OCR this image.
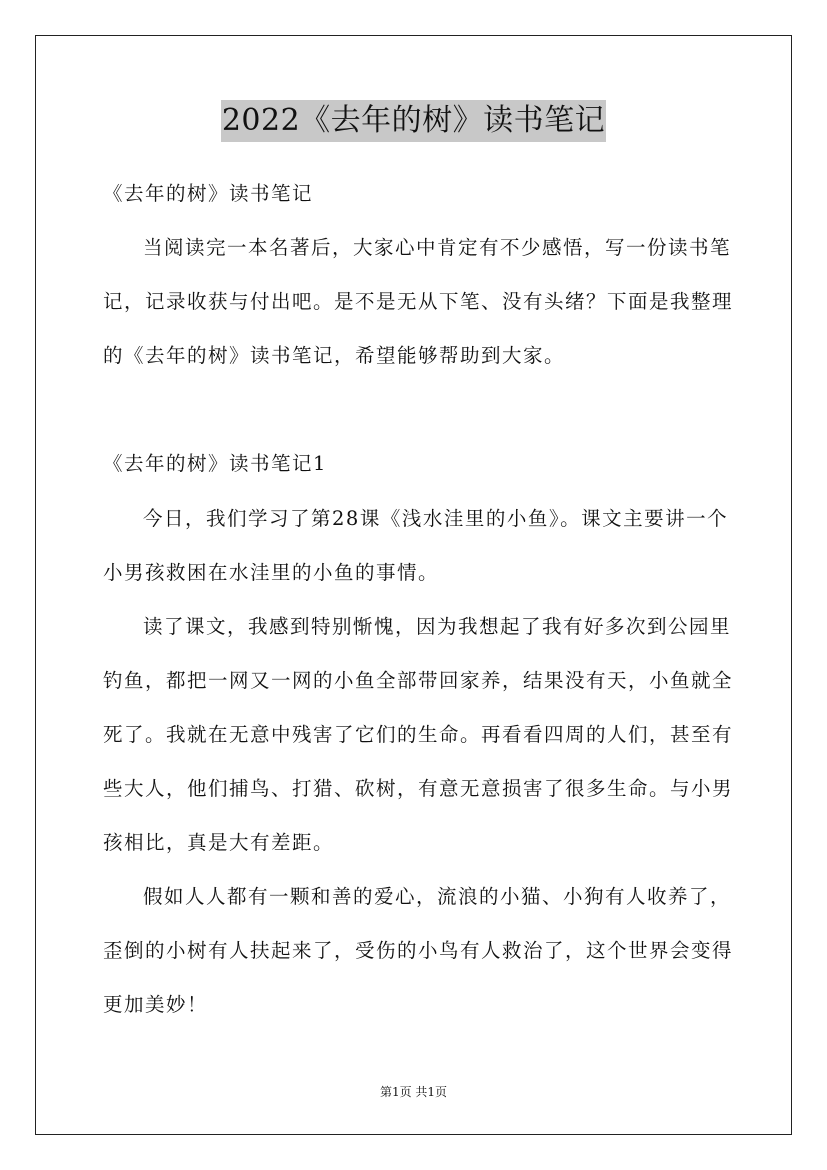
2022《去年的树》读书笔记
《去年的树》读书笔记
当阅读完一本名著后，大家心中肯定有不少感悟，写一份读书笔
记，记录收获与付出吧。是不是无从下笔、没有头绪？下面是我整理
的《去年的树》读书笔记，希望能够帮助到大家。
《去年的树》读书笔记1
今日，我们学习了第28课《浅水洼里的小鱼》。课文主要讲一个
小男孩救困在水洼里的小鱼的事情。
读了课文，我感到特别惭愧，因为我想起了我有好多次到公园里
钓鱼，都把一网又一网的小鱼全部带回家养，结果没有天，小鱼就全
死了。我就在无意中残害了它们的生命。再看看四周的人们，甚至有
些大人，他们捕鸟、打猎、砍树，有意无意损害了很多生命。与小男
孩相比，真是大有差距。
假如人人都有一颗和善的爱心，流浪的小猫、小狗有人收养了，
歪倒的小树有人扶起来了，受伤的小鸟有人救治了，这个世界会变得
更加美妙！
第1页 共1页
